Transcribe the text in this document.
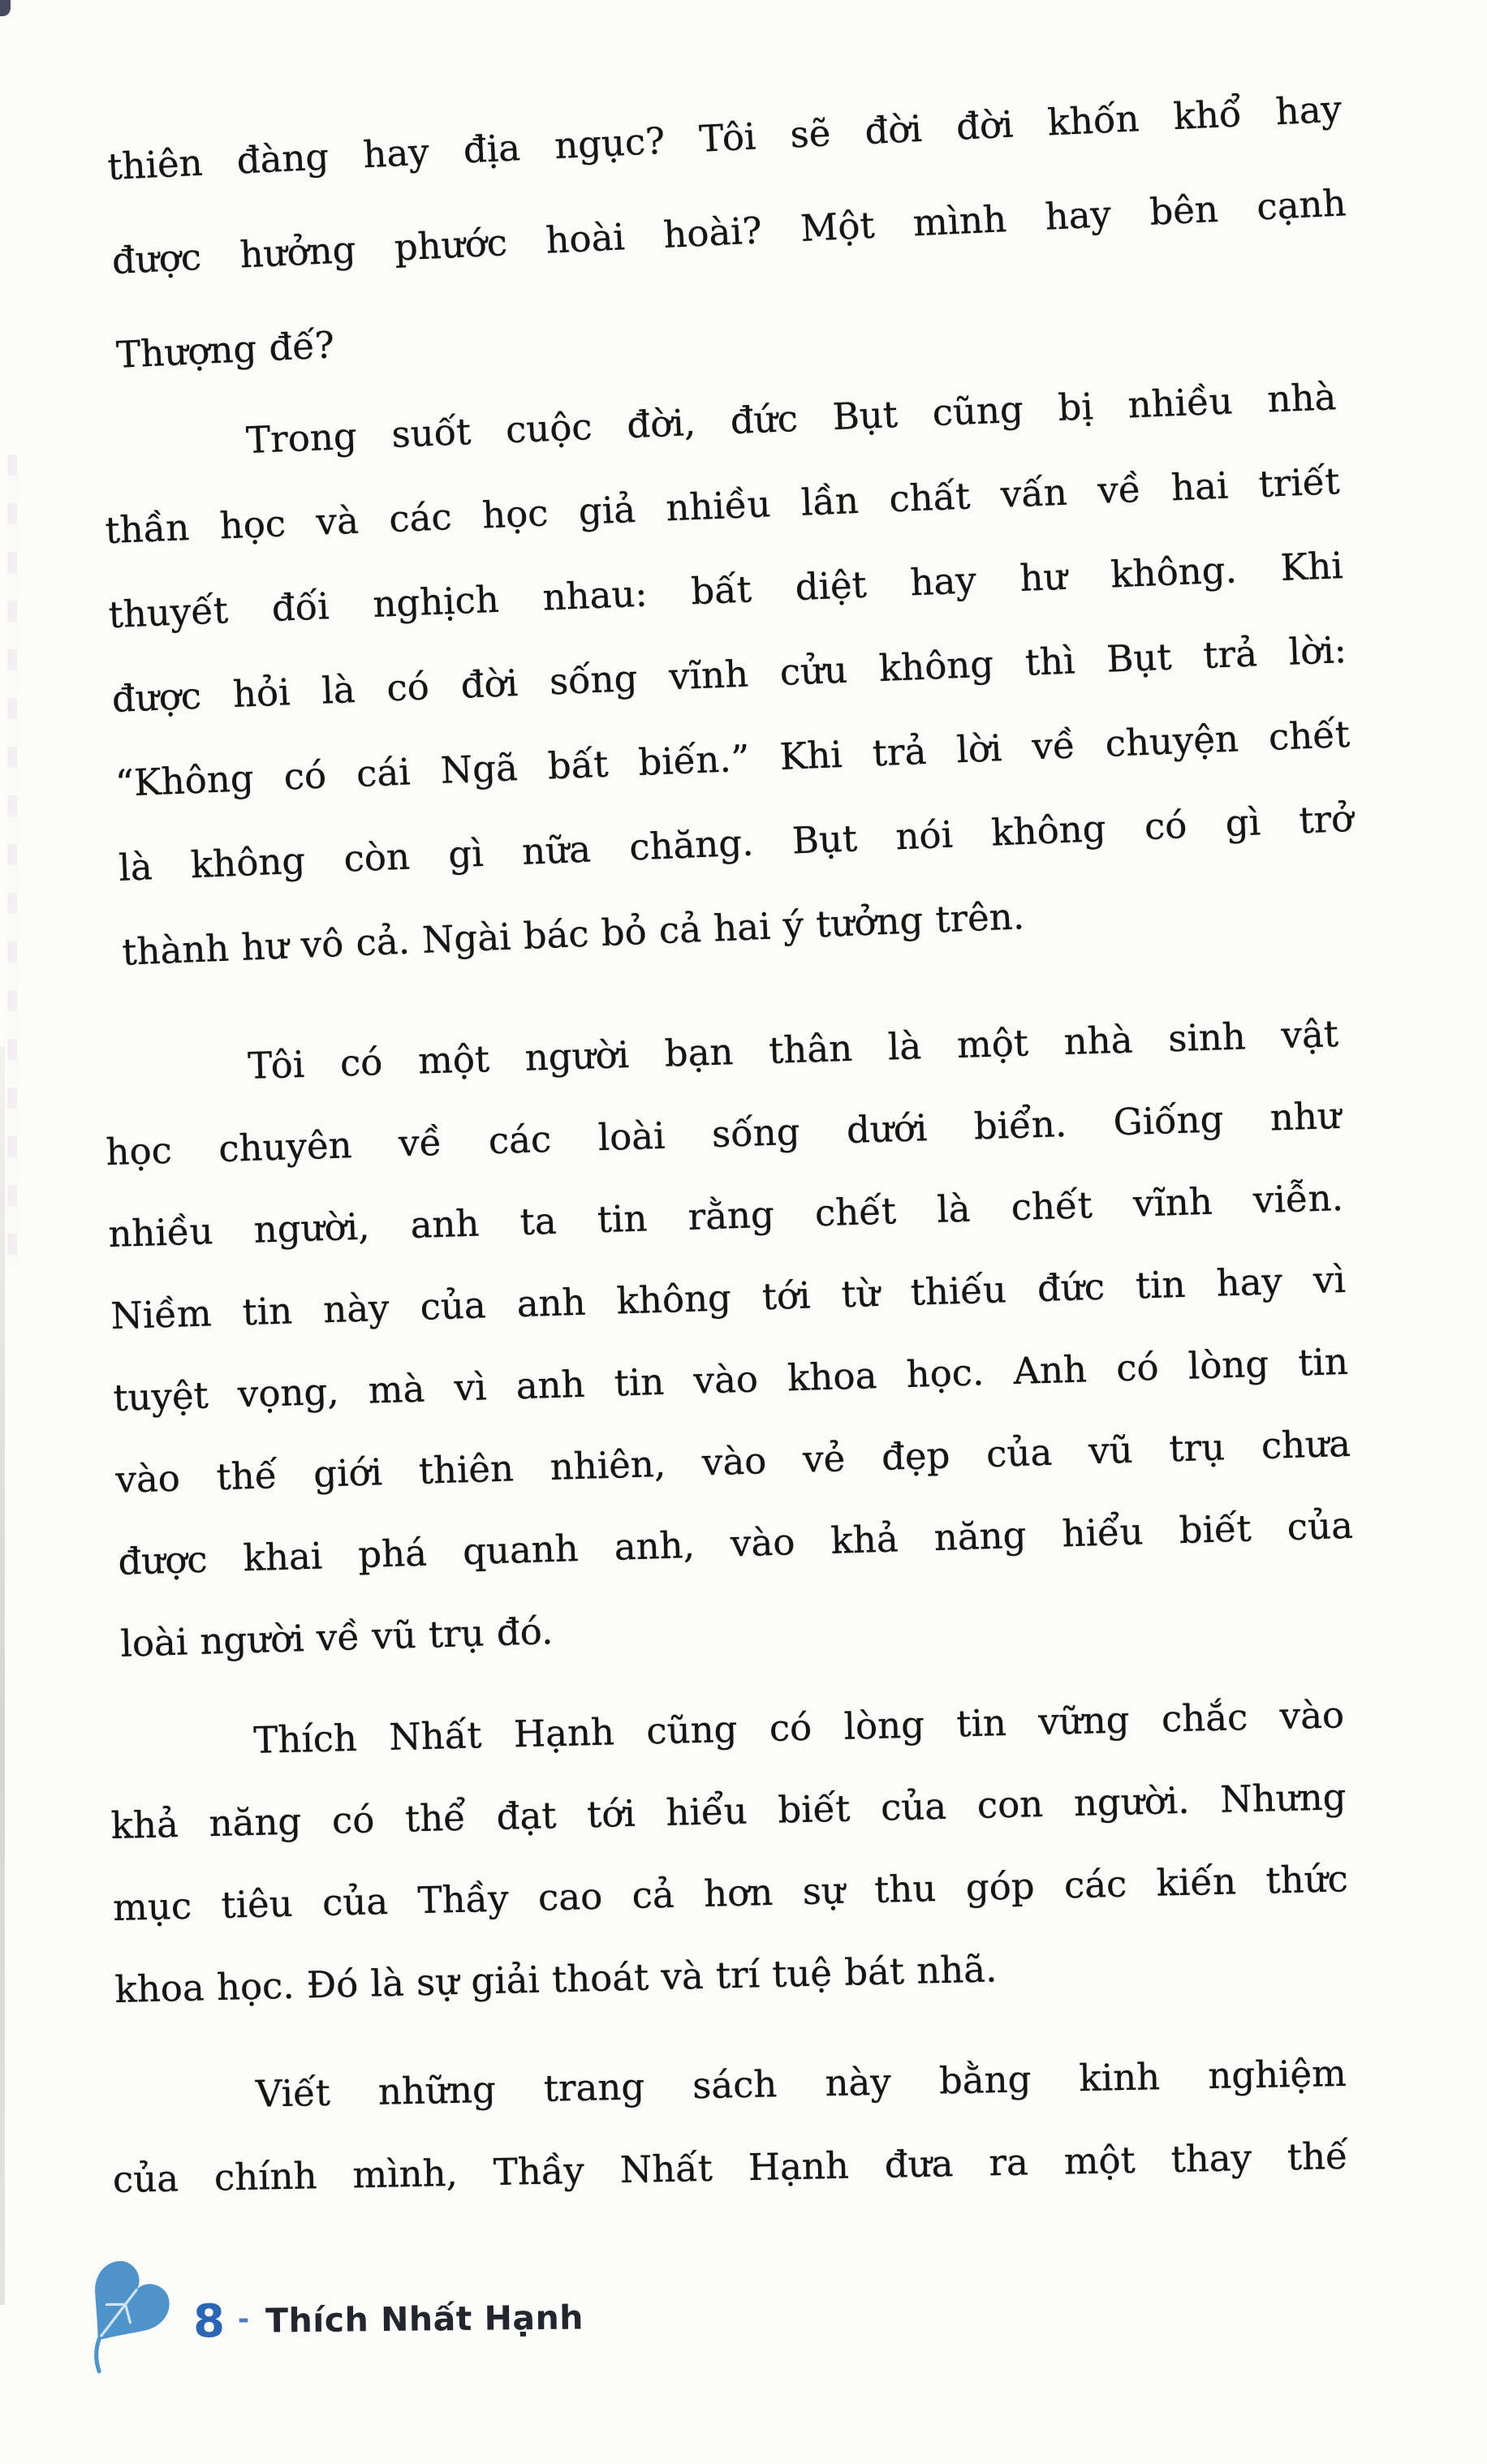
thiên đàng hay địa ngục? Tôi sẽ đời đời khốn khổ hay
được hưởng phước hoài hoài? Một mình hay bên cạnh
Thượng đế?
Trong suốt cuộc đời, đức Bụt cũng bị nhiều nhà
thần học và các học giả nhiều lần chất vấn về hai triết
thuyết đối nghịch nhau: bất diệt hay hư không. Khi
được hỏi là có đời sống vĩnh cửu không thì Bụt trả lời:
“Không có cái Ngã bất biến.” Khi trả lời về chuyện chết
là không còn gì nữa chăng. Bụt nói không có gì trở
thành hư vô cả. Ngài bác bỏ cả hai ý tưởng trên.
Tôi có một người bạn thân là một nhà sinh vật
học chuyên về các loài sống dưới biển. Giống như
nhiều người, anh ta tin rằng chết là chết vĩnh viễn.
Niềm tin này của anh không tới từ thiếu đức tin hay vì
tuyệt vọng, mà vì anh tin vào khoa học. Anh có lòng tin
vào thế giới thiên nhiên, vào vẻ đẹp của vũ trụ chưa
được khai phá quanh anh, vào khả năng hiểu biết của
loài người về vũ trụ đó.
Thích Nhất Hạnh cũng có lòng tin vững chắc vào
khả năng có thể đạt tới hiểu biết của con người. Nhưng
mục tiêu của Thầy cao cả hơn sự thu góp các kiến thức
khoa học. Đó là sự giải thoát và trí tuệ bát nhã.
Viết những trang sách này bằng kinh nghiệm
của chính mình, Thầy Nhất Hạnh đưa ra một thay thế
8 - Thích Nhất Hạnh
